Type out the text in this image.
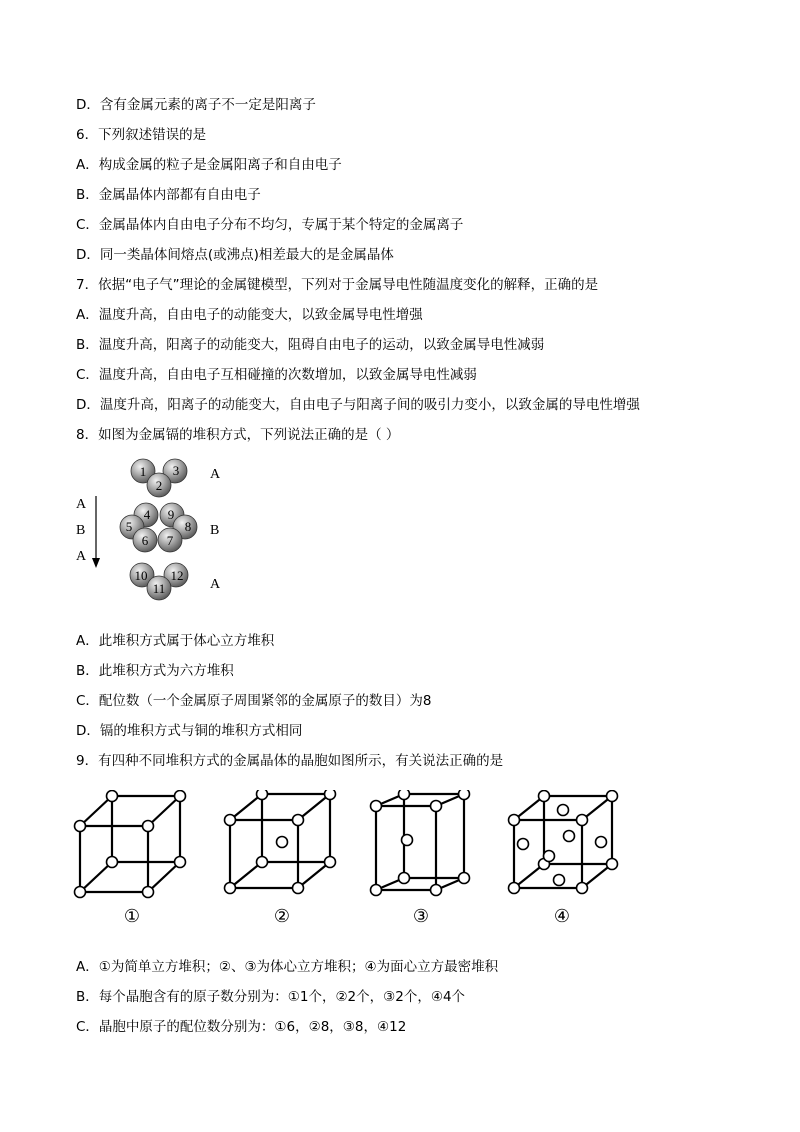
D．含有金属元素的离子不一定是阳离子
6．下列叙述错误的是
A．构成金属的粒子是金属阳离子和自由电子
B．金属晶体内部都有自由电子
C．金属晶体内自由电子分布不均匀，专属于某个特定的金属离子
D．同一类晶体间熔点(或沸点)相差最大的是金属晶体
7．依据“电子气”理论的金属键模型，下列对于金属导电性随温度变化的解释，正确的是
A．温度升高，自由电子的动能变大，以致金属导电性增强
B．温度升高，阳离子的动能变大，阻碍自由电子的运动，以致金属导电性减弱
C．温度升高，自由电子互相碰撞的次数增加，以致金属导电性减弱
D．温度升高，阳离子的动能变大，自由电子与阳离子间的吸引力变小，以致金属的导电性增强
8．如图为金属镉的堆积方式，下列说法正确的是（ ）
A
B
A
1 3
2
4 9
5	8
6 7
10 12
11
A
B
A
A．此堆积方式属于体心立方堆积
B．此堆积方式为六方堆积
C．配位数（一个金属原子周围紧邻的金属原子的数目）为8
D．镉的堆积方式与铜的堆积方式相同
9．有四种不同堆积方式的金属晶体的晶胞如图所示，有关说法正确的是
①	②	③	④
A．①为简单立方堆积；②、③为体心立方堆积；④为面心立方最密堆积
B．每个晶胞含有的原子数分别为：①1个，②2个，③2个，④4个
C．晶胞中原子的配位数分别为：①6，②8，③8，④12
